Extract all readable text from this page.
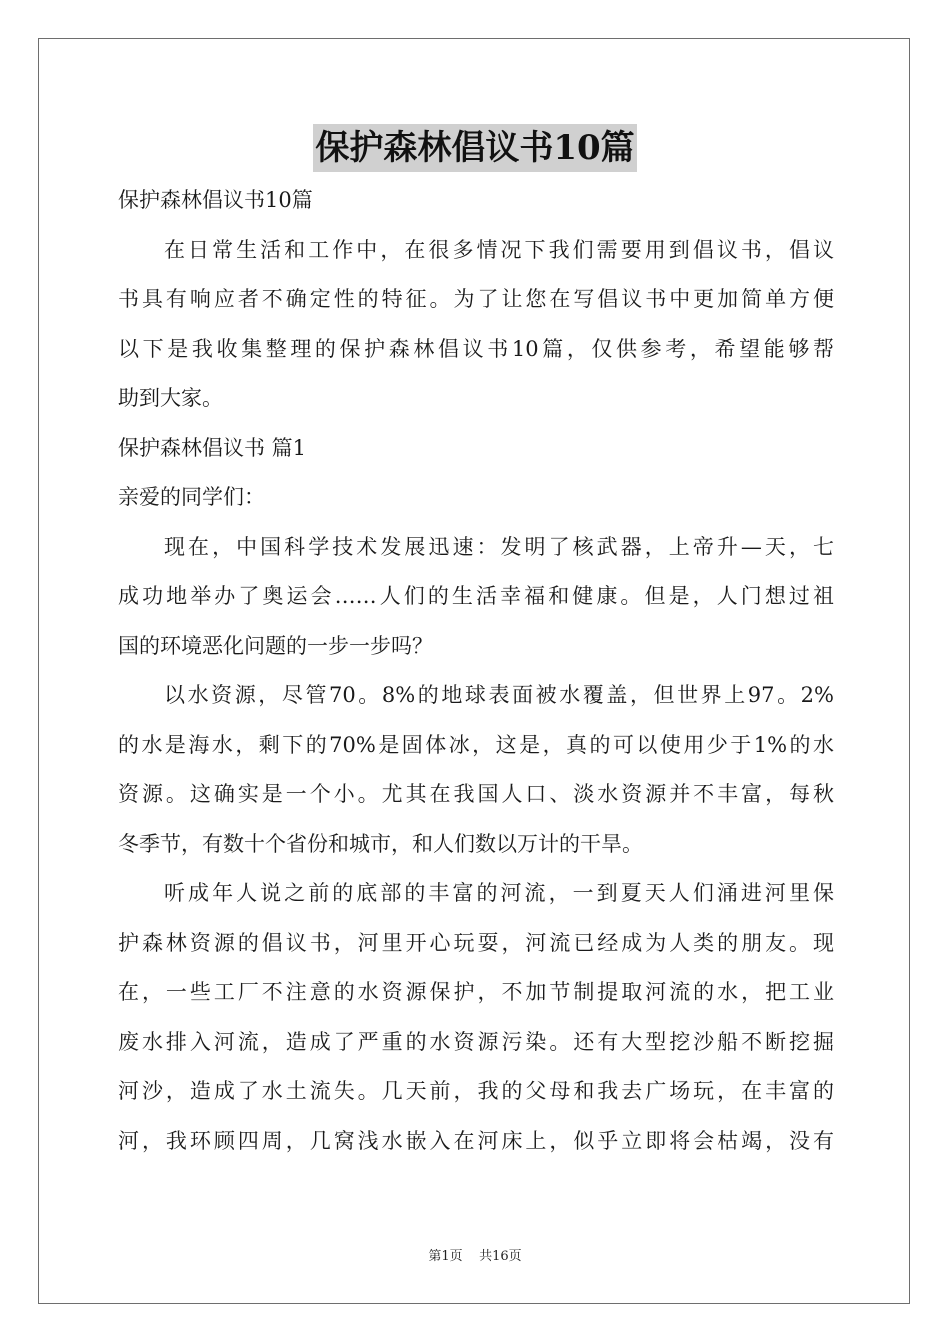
保护森林倡议书10篇
保护森林倡议书10篇
在日常生活和工作中，在很多情况下我们需要用到倡议书，倡议
书具有响应者不确定性的特征。为了让您在写倡议书中更加简单方便
以下是我收集整理的保护森林倡议书10篇，仅供参考，希望能够帮
助到大家。
保护森林倡议书 篇1
亲爱的同学们：
现在，中国科学技术发展迅速：发明了核武器，上帝升—天，七
成功地举办了奥运会……人们的生活幸福和健康。但是，人门想过祖
国的环境恶化问题的一步一步吗？
以水资源，尽管70。8%的地球表面被水覆盖，但世界上97。2%
的水是海水，剩下的70%是固体冰，这是，真的可以使用少于1%的水
资源。这确实是一个小。尤其在我国人口、淡水资源并不丰富，每秋
冬季节，有数十个省份和城市，和人们数以万计的干旱。
听成年人说之前的底部的丰富的河流，一到夏天人们涌进河里保
护森林资源的倡议书，河里开心玩耍，河流已经成为人类的朋友。现
在，一些工厂不注意的水资源保护，不加节制提取河流的水，把工业
废水排入河流，造成了严重的水资源污染。还有大型挖沙船不断挖掘
河沙，造成了水土流失。几天前，我的父母和我去广场玩，在丰富的
河，我环顾四周，几窝浅水嵌入在河床上，似乎立即将会枯竭，没有
第1页 共16页
